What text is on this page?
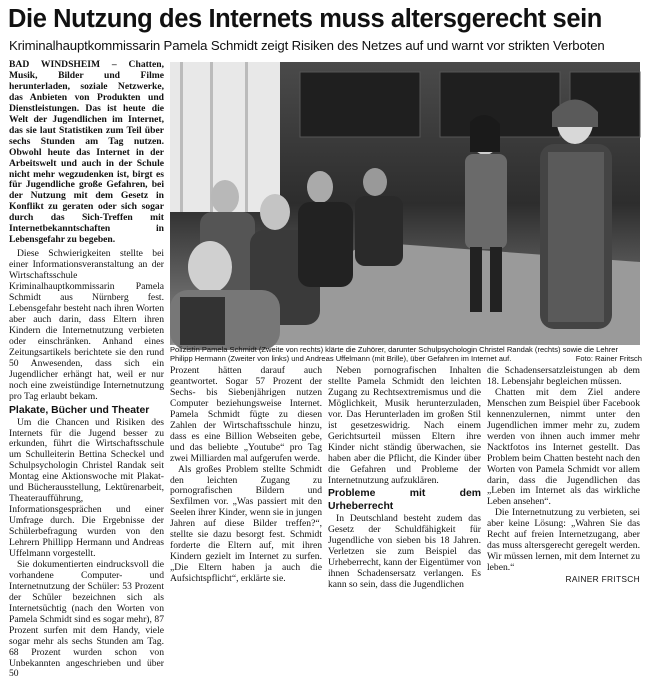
Die Nutzung des Internets muss altersgerecht sein
Kriminalhauptkommissarin Pamela Schmidt zeigt Risiken des Netzes auf und warnt vor strikten Verboten

BAD WINDSHEIM – Chatten, Musik, Bilder und Filme herunterladen, soziale Netzwerke, das Anbieten von Produkten und Dienstleistungen. Das ist heute die Welt der Jugendlichen im Internet, das sie laut Statistiken zum Teil über sechs Stunden am Tag nutzen. Obwohl heute das Internet in der Arbeitswelt und auch in der Schule nicht mehr wegzudenken ist, birgt es für Jugendliche große Gefahren, bei der Nutzung mit dem Gesetz in Konflikt zu geraten oder sich sogar durch das Sich-Treffen mit Internetbekanntschaften in Lebensgefahr zu begeben.

Diese Schwierigkeiten stellte bei einer Informationsveranstaltung an der Wirtschaftsschule Kriminalhauptkommissarin Pamela Schmidt aus Nürnberg fest. Lebensgefahr besteht nach ihren Worten aber auch darin, dass Eltern ihren Kindern die Internetnutzung verbieten oder einschränken. Anhand eines Zeitungsartikels berichtete sie den rund 50 Anwesenden, dass sich ein Jugendlicher erhängt hat, weil er nur noch eine zweistündige Internetnutzung pro Tag erlaubt bekam.

Plakate, Bücher und Theater

Um die Chancen und Risiken des Internets für die Jugend besser zu erkunden, führt die Wirtschaftsschule um Schulleiterin Bettina Scheckel und Schulpsychologin Christel Randak seit Montag eine Aktionswoche mit Plakat- und Bücherausstellung, Lektürenarbeit, Theateraufführung, Informationsgesprächen und einer Umfrage durch. Die Ergebnisse der Schülerbefragung wurden von den Lehrern Phillipp Hermann und Andreas Uffelmann vorgestellt.

Sie dokumentierten eindrucksvoll die vorhandene Computer- und Internetnutzung der Schüler: 53 Prozent der Schüler bezeichnen sich als Internetsüchtig (nach den Worten von Pamela Schmidt sind es sogar mehr), 87 Prozent surfen mit dem Handy, viele sogar mehr als sechs Stunden am Tag. 68 Prozent wurden schon von Unbekannten angeschrieben und über 50

Polizistin Pamela Schmidt (Zweite von rechts) klärte die Zuhörer, darunter Schulpsychologin Christel Randak (rechts) sowie die Lehrer Philipp Hermann (Zweiter von links) und Andreas Uffelmann (mit Brille), über Gefahren im Internet auf.	Foto: Rainer Fritsch

Prozent hätten darauf auch geantwortet. Sogar 57 Prozent der Sechs- bis Siebenjährigen nutzen Computer beziehungsweise Internet. Pamela Schmidt fügte zu diesen Zahlen der Wirtschaftsschule hinzu, dass es eine Billion Webseiten gebe, und das beliebte „Youtube“ pro Tag zwei Milliarden mal aufgerufen werde.

Als großes Problem stellte Schmidt den leichten Zugang zu pornografischen Bildern und Sexfilmen vor. „Was passiert mit den Seelen ihrer Kinder, wenn sie in jungen Jahren auf diese Bilder treffen?“, stellte sie dazu besorgt fest. Schmidt forderte die Eltern auf, mit ihren Kindern gezielt im Internet zu surfen. „Die Eltern haben ja auch die Aufsichtspflicht“, erklärte sie.

Neben pornografischen Inhalten stellte Pamela Schmidt den leichten Zugang zu Rechtsextremismus und die Möglichkeit, Musik herunterzuladen, vor. Das Herunterladen im großen Stil ist gesetzeswidrig. Nach einem Gerichtsurteil müssen Eltern ihre Kinder nicht ständig überwachen, sie haben aber die Pflicht, die Kinder über die Gefahren und Probleme der Internetnutzung aufzuklären.

Probleme mit dem Urheberrecht

In Deutschland besteht zudem das Gesetz der Schuldfähigkeit für Jugendliche von sieben bis 18 Jahren. Verletzen sie zum Beispiel das Urheberrecht, kann der Eigentümer von ihnen Schadensersatz verlangen. Es kann so sein, dass die Jugendlichen

die Schadensersatzleistungen ab dem 18. Lebensjahr begleichen müssen.

Chatten mit dem Ziel andere Menschen zum Beispiel über Facebook kennenzulernen, nimmt unter den Jugendlichen immer mehr zu, zudem werden von ihnen auch immer mehr Nacktfotos ins Internet gestellt. Das Problem beim Chatten besteht nach den Worten von Pamela Schmidt vor allem darin, dass die Jugendlichen das „Leben im Internet als das wirkliche Leben ansehen“.

Die Internetnutzung zu verbieten, sei aber keine Lösung: „Wahren Sie das Recht auf freien Internetzugang, aber das muss altersgerecht geregelt werden. Wir müssen lernen, mit dem Internet zu leben.“

RAINER FRITSCH
